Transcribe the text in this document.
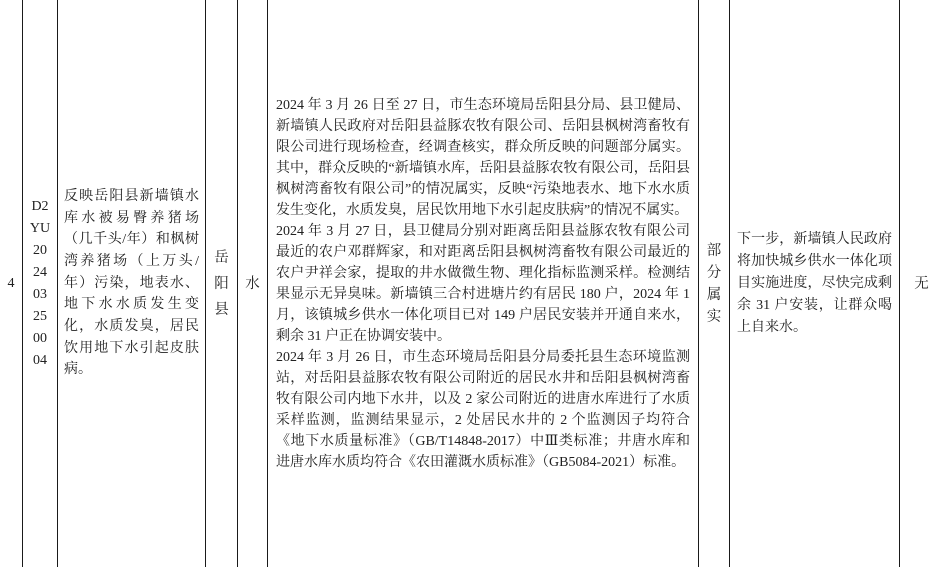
4
D2 YU 20 24 03 25 00 04
反映岳阳县新墙镇水库水被易臀养猪场（几千头/年）和枫树湾养猪场（上万头/年）污染，地表水、地下水水质发生变化，水质发臭，居民饮用地下水引起皮肤病。
岳阳县
水

2024 年 3 月 26 日至 27 日，市生态环境局岳阳县分局、县卫健局、新墙镇人民政府对岳阳县益豚农牧有限公司、岳阳县枫树湾畜牧有限公司进行现场检查，经调查核实，群众所反映的问题部分属实。其中，群众反映的“新墙镇水库，岳阳县益豚农牧有限公司，岳阳县枫树湾畜牧有限公司”的情况属实，反映“污染地表水、地下水水质发生变化，水质发臭，居民饮用地下水引起皮肤病”的情况不属实。

2024 年 3 月 27 日，县卫健局分别对距离岳阳县益豚农牧有限公司最近的农户邓群辉家，和对距离岳阳县枫树湾畜牧有限公司最近的农户尹祥会家，提取的井水做微生物、理化指标监测采样。检测结果显示无异臭味。新墙镇三合村进塘片约有居民 180 户，2024 年 1 月，该镇城乡供水一体化项目已对 149 户居民安装并开通自来水，剩余 31 户正在协调安装中。

2024 年 3 月 26 日，市生态环境局岳阳县分局委托县生态环境监测站，对岳阳县益豚农牧有限公司附近的居民水井和岳阳县枫树湾畜牧有限公司内地下水井，以及 2 家公司附近的进唐水库进行了水质采样监测，监测结果显示，2 处居民水井的 2 个监测因子均符合《地下水质量标准》（GB/T14848-2017）中Ⅲ类标准；井唐水库和进唐水库水质均符合《农田灌溉水质标准》（GB5084-2021）标准。

部分属实
下一步，新墙镇人民政府将加快城乡供水一体化项目实施进度，尽快完成剩余 31 户安装，让群众喝上自来水。
无
